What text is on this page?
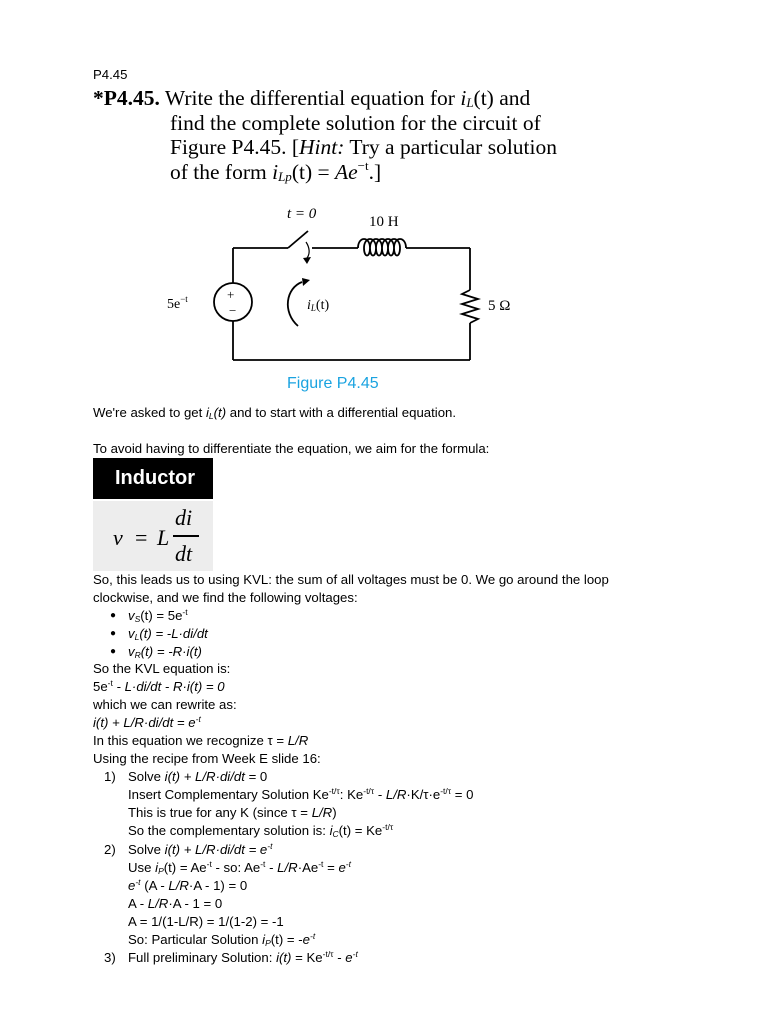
P4.45
*P4.45. Write the differential equation for $i_L(t)$ and
find the complete solution for the circuit of
Figure P4.45. [Hint: Try a particular solution
of the form $i_{Lp}(t) = Ae^{-t}$.]
t = 0	10 H
$5e^{-t}$	+
−	$i_L(t)$	5 Ω
Figure P4.45
We're asked to get $i_L(t)$ and to start with a differential equation.
To avoid having to differentiate the equation, we aim for the formula:
Inductor
v = L
di
dt
So, this leads us to using KVL: the sum of all voltages must be 0. We go around the loop
clockwise, and we find the following voltages:
● $v_S(t) = 5e^{-t}$
● $v_L(t) = -L\cdot di/dt$
● $v_R(t) = -R\cdot i(t)$
So the KVL equation is:
$5e^{-t} - L\cdot di/dt - R\cdot i(t) = 0$
which we can rewrite as:
$i(t) + L/R\cdot di/dt = e^{-t}$
In this equation we recognize τ = L/R
Using the recipe from Week E slide 16:
1) Solve i(t) + L/R·di/dt = 0
Insert Complementary Solution $Ke^{-t/\tau}$: $Ke^{-t/\tau} - L/R\cdot K/\tau\cdot e^{-t/\tau} = 0$
This is true for any K (since τ = L/R)
So the complementary solution is: $i_C(t) = Ke^{-t/\tau}$
2) Solve $i(t) + L/R\cdot di/dt = e^{-t}$
Use $i_P(t) = Ae^{-t}$ - so: $Ae^{-t} - L/R\cdot Ae^{-t} = e^{-t}$
$e^{-t}$ (A - L/R·A - 1) = 0
A - L/R·A - 1 = 0
A = 1/(1-L/R) = 1/(1-2) = -1
So: Particular Solution $i_P(t) = -e^{-t}$
3) Full preliminary Solution: $i(t) = Ke^{-t/\tau} - e^{-t}$
